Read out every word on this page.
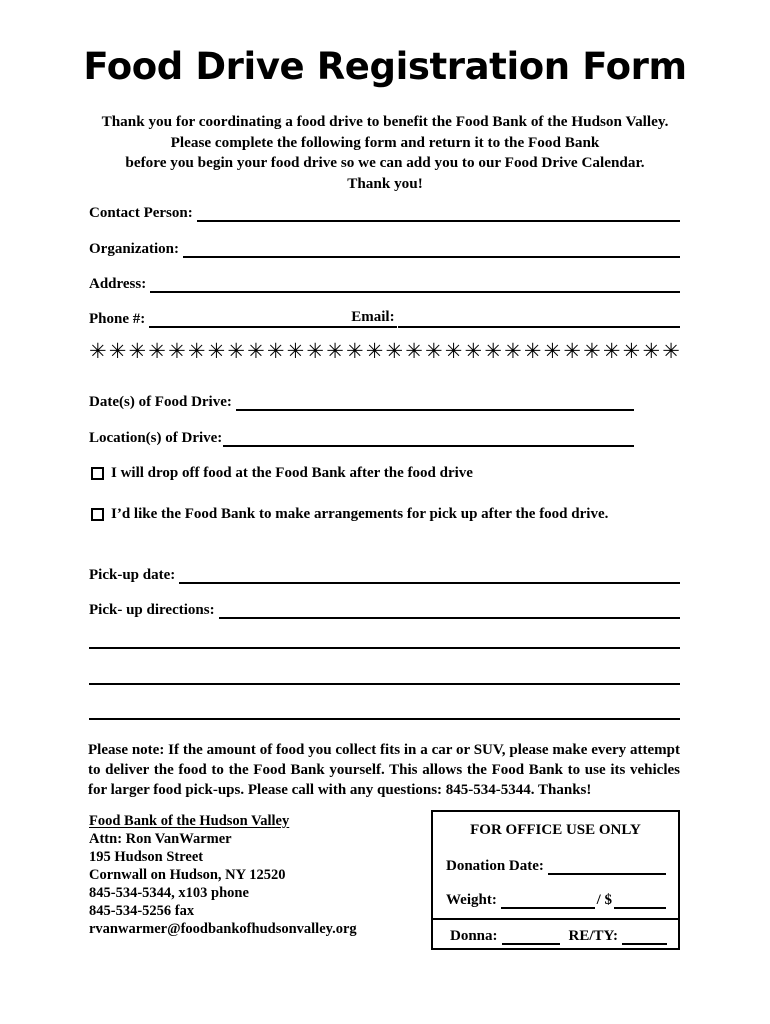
Food Drive Registration Form
Thank you for coordinating a food drive to benefit the Food Bank of the Hudson Valley.
Please complete the following form and return it to the Food Bank
before you begin your food drive so we can add you to our Food Drive Calendar.
Thank you!
Contact Person:
Organization:
Address:
Phone #:	Email:
✳ ✳ ✳ ✳ ✳ ✳ ✳ ✳ ✳ ✳ ✳ ✳ ✳ ✳ ✳ ✳ ✳ ✳ ✳ ✳ ✳ ✳ ✳ ✳ ✳ ✳ ✳ ✳ ✳ ✳
Date(s) of Food Drive:
Location(s) of Drive:
I will drop off food at the Food Bank after the food drive
I’d like the Food Bank to make arrangements for pick up after the food drive.
Pick-up date:
Pick- up directions:
Please note: If the amount of food you collect fits in a car or SUV, please make every attempt to deliver the food to the Food Bank yourself. This allows the Food Bank to use its vehicles for larger food pick-ups. Please call with any questions: 845-534-5344. Thanks!
Food Bank of the Hudson Valley
Attn: Ron VanWarmer
195 Hudson Street
Cornwall on Hudson, NY 12520
845-534-5344, x103 phone
845-534-5256 fax
rvanwarmer@foodbankofhudsonvalley.org
FOR OFFICE USE ONLY
Donation Date:
Weight:	/ $
Donna:	RE/TY:
